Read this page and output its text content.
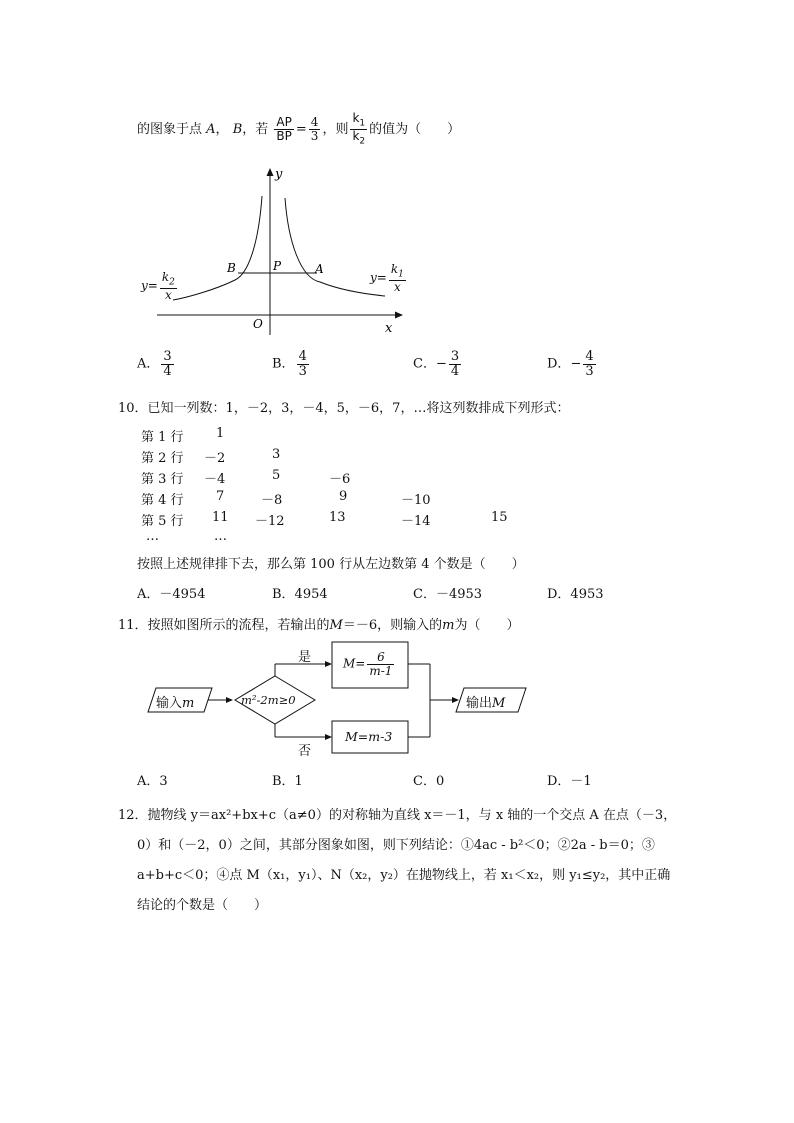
的图象于点 A， B，若 $\frac{AP}{BP} = \frac{4}{3}$ ，则 $\frac{k_1}{k_2}$ 的值为（　　）
y
x
O
B	P	A
$y= \frac{k_2}{x}$	$y= \frac{k_1}{x}$
A． $\frac{3}{4}$	B． $\frac{4}{3}$	C．− $\frac{3}{4}$	D．− $\frac{4}{3}$
10．已知一列数：1，－2，3，－4，5，－6，7，…将这列数排成下列形式：
第 1 行 1
第 2 行 －2	3
第 3 行 －4	5	－6
第 4 行 7	－8	9	－10
第 5 行 11 －12	13	－14	15
…	…
按照上述规律排下去，那么第 100 行从左边数第 4 个数是（　　）
A．－4954	B．4954	C．－4953	D．4953
11．按照如图所示的流程，若输出的M＝－6，则输入的m为（　　）
输入m	m²-2m≥0
是
否
$M= \frac{6}{m-1}$
M=m-3
输出M
A．3	B．1	C．0	D．－1
12．抛物线 y＝ax²+bx+c（a≠0）的对称轴为直线 x＝－1，与 x 轴的一个交点 A 在点（－3，
0）和（－2，0）之间，其部分图象如图，则下列结论：①4ac - b²＜0；②2a - b＝0；③
a+b+c＜0；④点 M（x₁，y₁）、N（x₂，y₂）在抛物线上，若 x₁＜x₂，则 y₁≤y₂，其中正确
结论的个数是（　　）
